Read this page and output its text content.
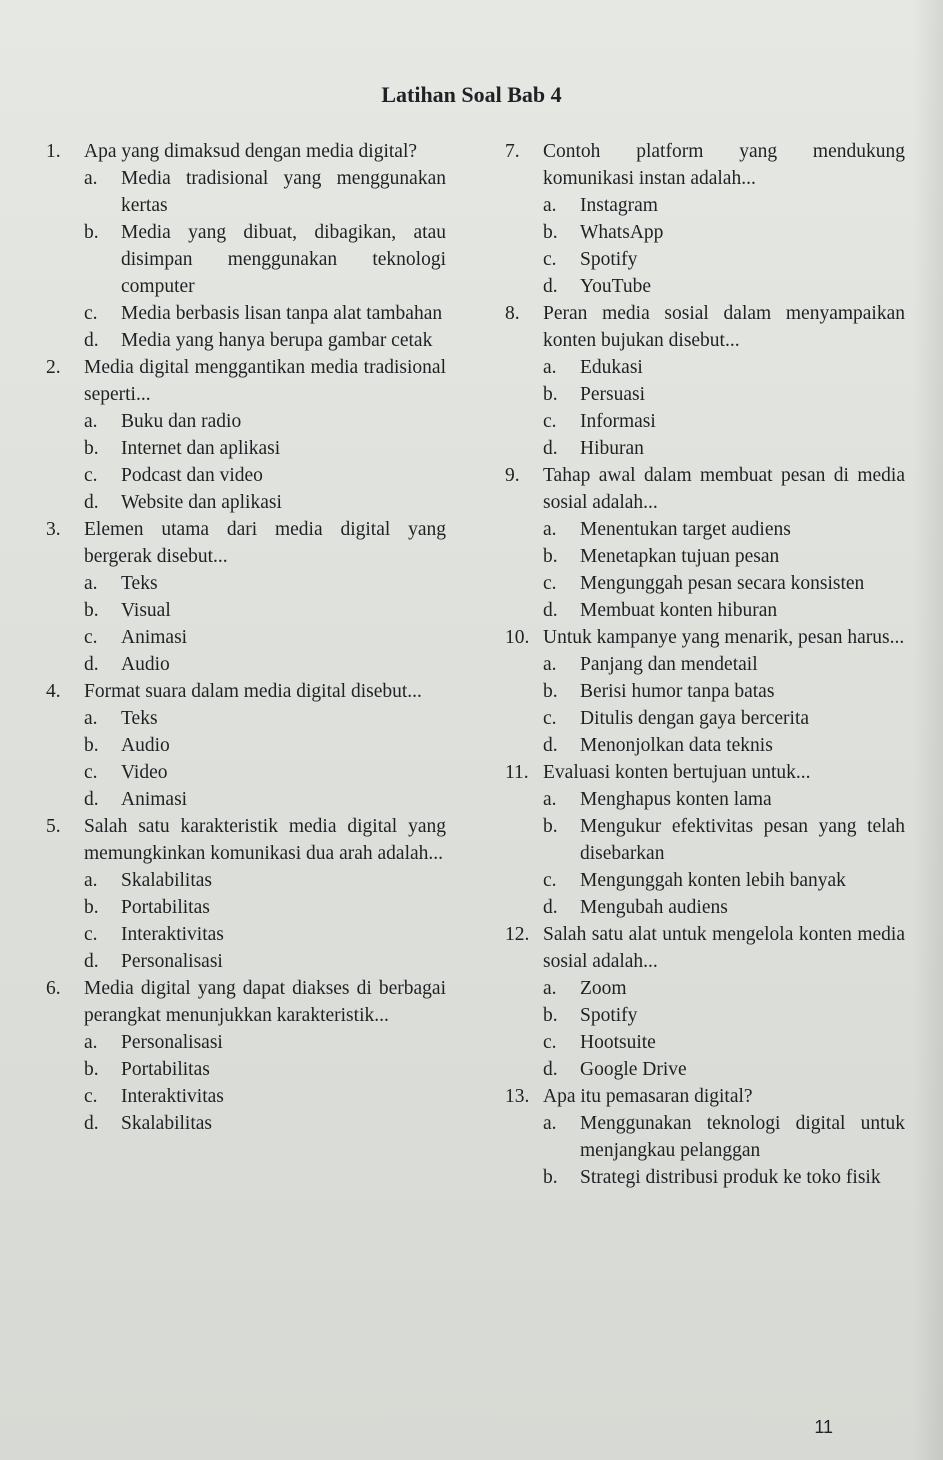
Latihan Soal Bab 4
1.	Apa yang dimaksud dengan media digital?
a.	Media tradisional yang menggunakan kertas
b.	Media yang dibuat, dibagikan, atau disimpan menggunakan teknologi computer
c.	Media berbasis lisan tanpa alat tambahan
d.	Media yang hanya berupa gambar cetak
2.	Media digital menggantikan media tradisional seperti...
a.	Buku dan radio
b.	Internet dan aplikasi
c.	Podcast dan video
d.	Website dan aplikasi
3.	Elemen utama dari media digital yang bergerak disebut...
a.	Teks
b.	Visual
c.	Animasi
d.	Audio
4.	Format suara dalam media digital disebut...
a.	Teks
b.	Audio
c.	Video
d.	Animasi
5.	Salah satu karakteristik media digital yang memungkinkan komunikasi dua arah adalah...
a.	Skalabilitas
b.	Portabilitas
c.	Interaktivitas
d.	Personalisasi
6.	Media digital yang dapat diakses di berbagai perangkat menunjukkan karakteristik...
a.	Personalisasi
b.	Portabilitas
c.	Interaktivitas
d.	Skalabilitas
7.	Contoh platform yang mendukung komunikasi instan adalah...
a.	Instagram
b.	WhatsApp
c.	Spotify
d.	YouTube
8.	Peran media sosial dalam menyampaikan konten bujukan disebut...
a.	Edukasi
b.	Persuasi
c.	Informasi
d.	Hiburan
9.	Tahap awal dalam membuat pesan di media sosial adalah...
a.	Menentukan target audiens
b.	Menetapkan tujuan pesan
c.	Mengunggah pesan secara konsisten
d.	Membuat konten hiburan
10. Untuk kampanye yang menarik, pesan harus...
a.	Panjang dan mendetail
b.	Berisi humor tanpa batas
c.	Ditulis dengan gaya bercerita
d.	Menonjolkan data teknis
11. Evaluasi konten bertujuan untuk...
a.	Menghapus konten lama
b.	Mengukur efektivitas pesan yang telah disebarkan
c.	Mengunggah konten lebih banyak
d.	Mengubah audiens
12. Salah satu alat untuk mengelola konten media sosial adalah...
a.	Zoom
b.	Spotify
c.	Hootsuite
d.	Google Drive
13. Apa itu pemasaran digital?
a.	Menggunakan teknologi digital untuk menjangkau pelanggan
b.	Strategi distribusi produk ke toko fisik
11
